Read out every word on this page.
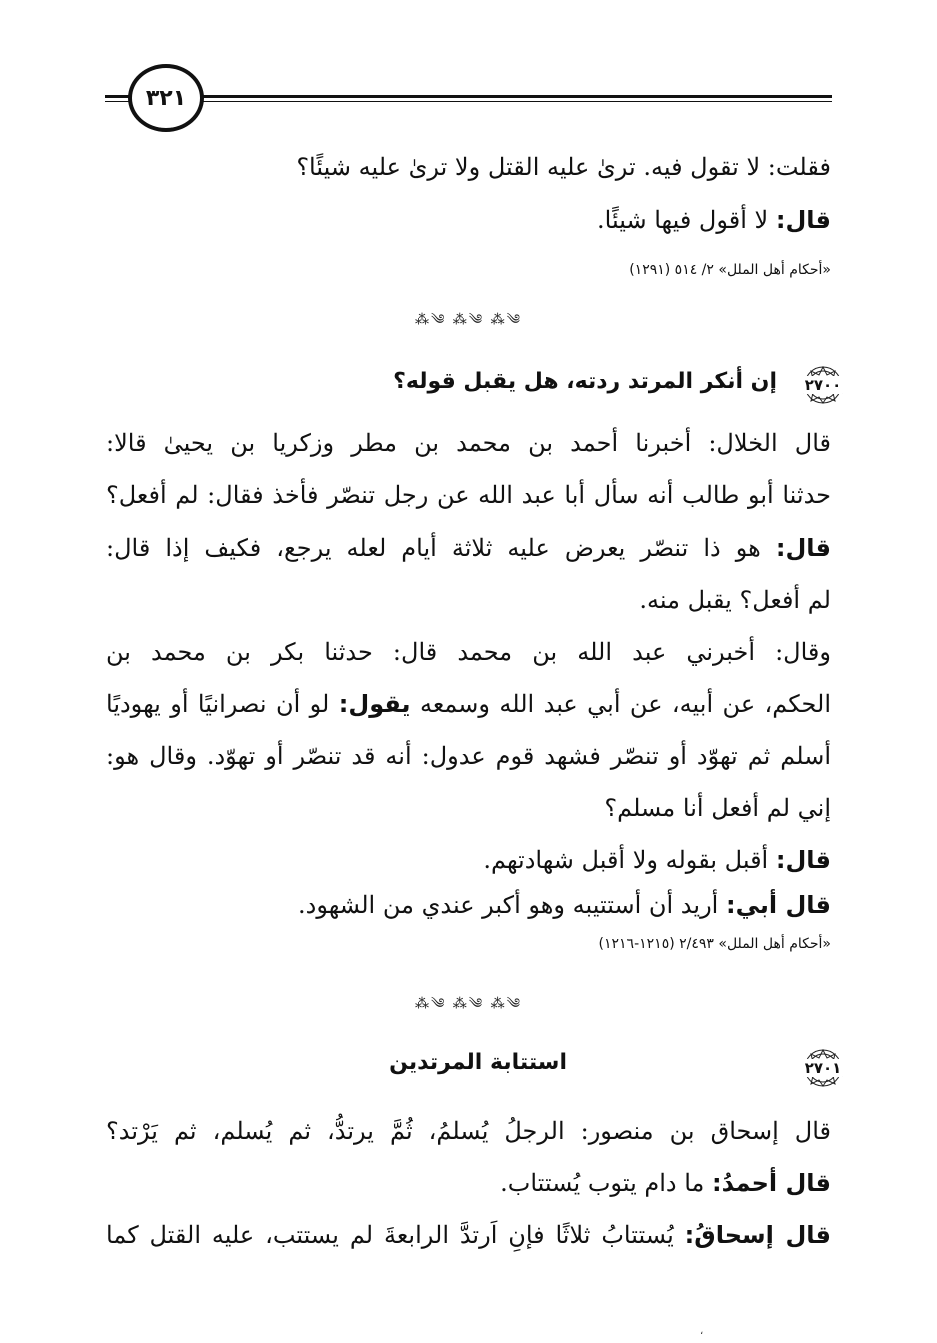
٣٢١
فقلت: لا تقول فيه. ترىٰ عليه القتل ولا ترىٰ عليه شيئًا؟
قال: لا أقول فيها شيئًا.
«أحكام أهل الملل» ٢/ ٥١٤ (١٢٩١)
⁂༄ ⁂༄ ⁂༄
٢٧٠٠
إن أنكر المرتد ردته، هل يقبل قوله؟
قال الخلال: أخبرنا أحمد بن محمد بن مطر وزكريا بن يحيىٰ قالا:
حدثنا أبو طالب أنه سأل أبا عبد الله عن رجل تنصّر فأخذ فقال: لم أفعل؟
قال: هو ذا تنصّر يعرض عليه ثلاثة أيام لعله يرجع، فكيف إذا قال:
لم أفعل؟ يقبل منه.
وقال: أخبرني عبد الله بن محمد قال: حدثنا بكر بن محمد بن
الحكم، عن أبيه، عن أبي عبد الله وسمعه يقول: لو أن نصرانيًا أو يهوديًا
أسلم ثم تهوّد أو تنصّر فشهد قوم عدول: أنه قد تنصّر أو تهوّد. وقال هو:
إني لم أفعل أنا مسلم؟
قال: أقبل بقوله ولا أقبل شهادتهم.
قال أبي: أريد أن أستتيبه وهو أكبر عندي من الشهود.
«أحكام أهل الملل» ٢/٤٩٣ (١٢١٥-١٢١٦)
⁂༄ ⁂༄ ⁂༄
٢٧٠١
استتابة المرتدين
قال إسحاق بن منصور: الرجلُ يُسلمُ، ثُمَّ يرتدُّ، ثم يُسلم، ثم يَرْتد؟
قال أحمدُ: ما دام يتوب يُستتاب.
قال إسحاقُ: يُستتابُ ثلاثًا فإنِ اَرتدَّ الرابعةَ لم يستتب، عليه القتل كما
،
